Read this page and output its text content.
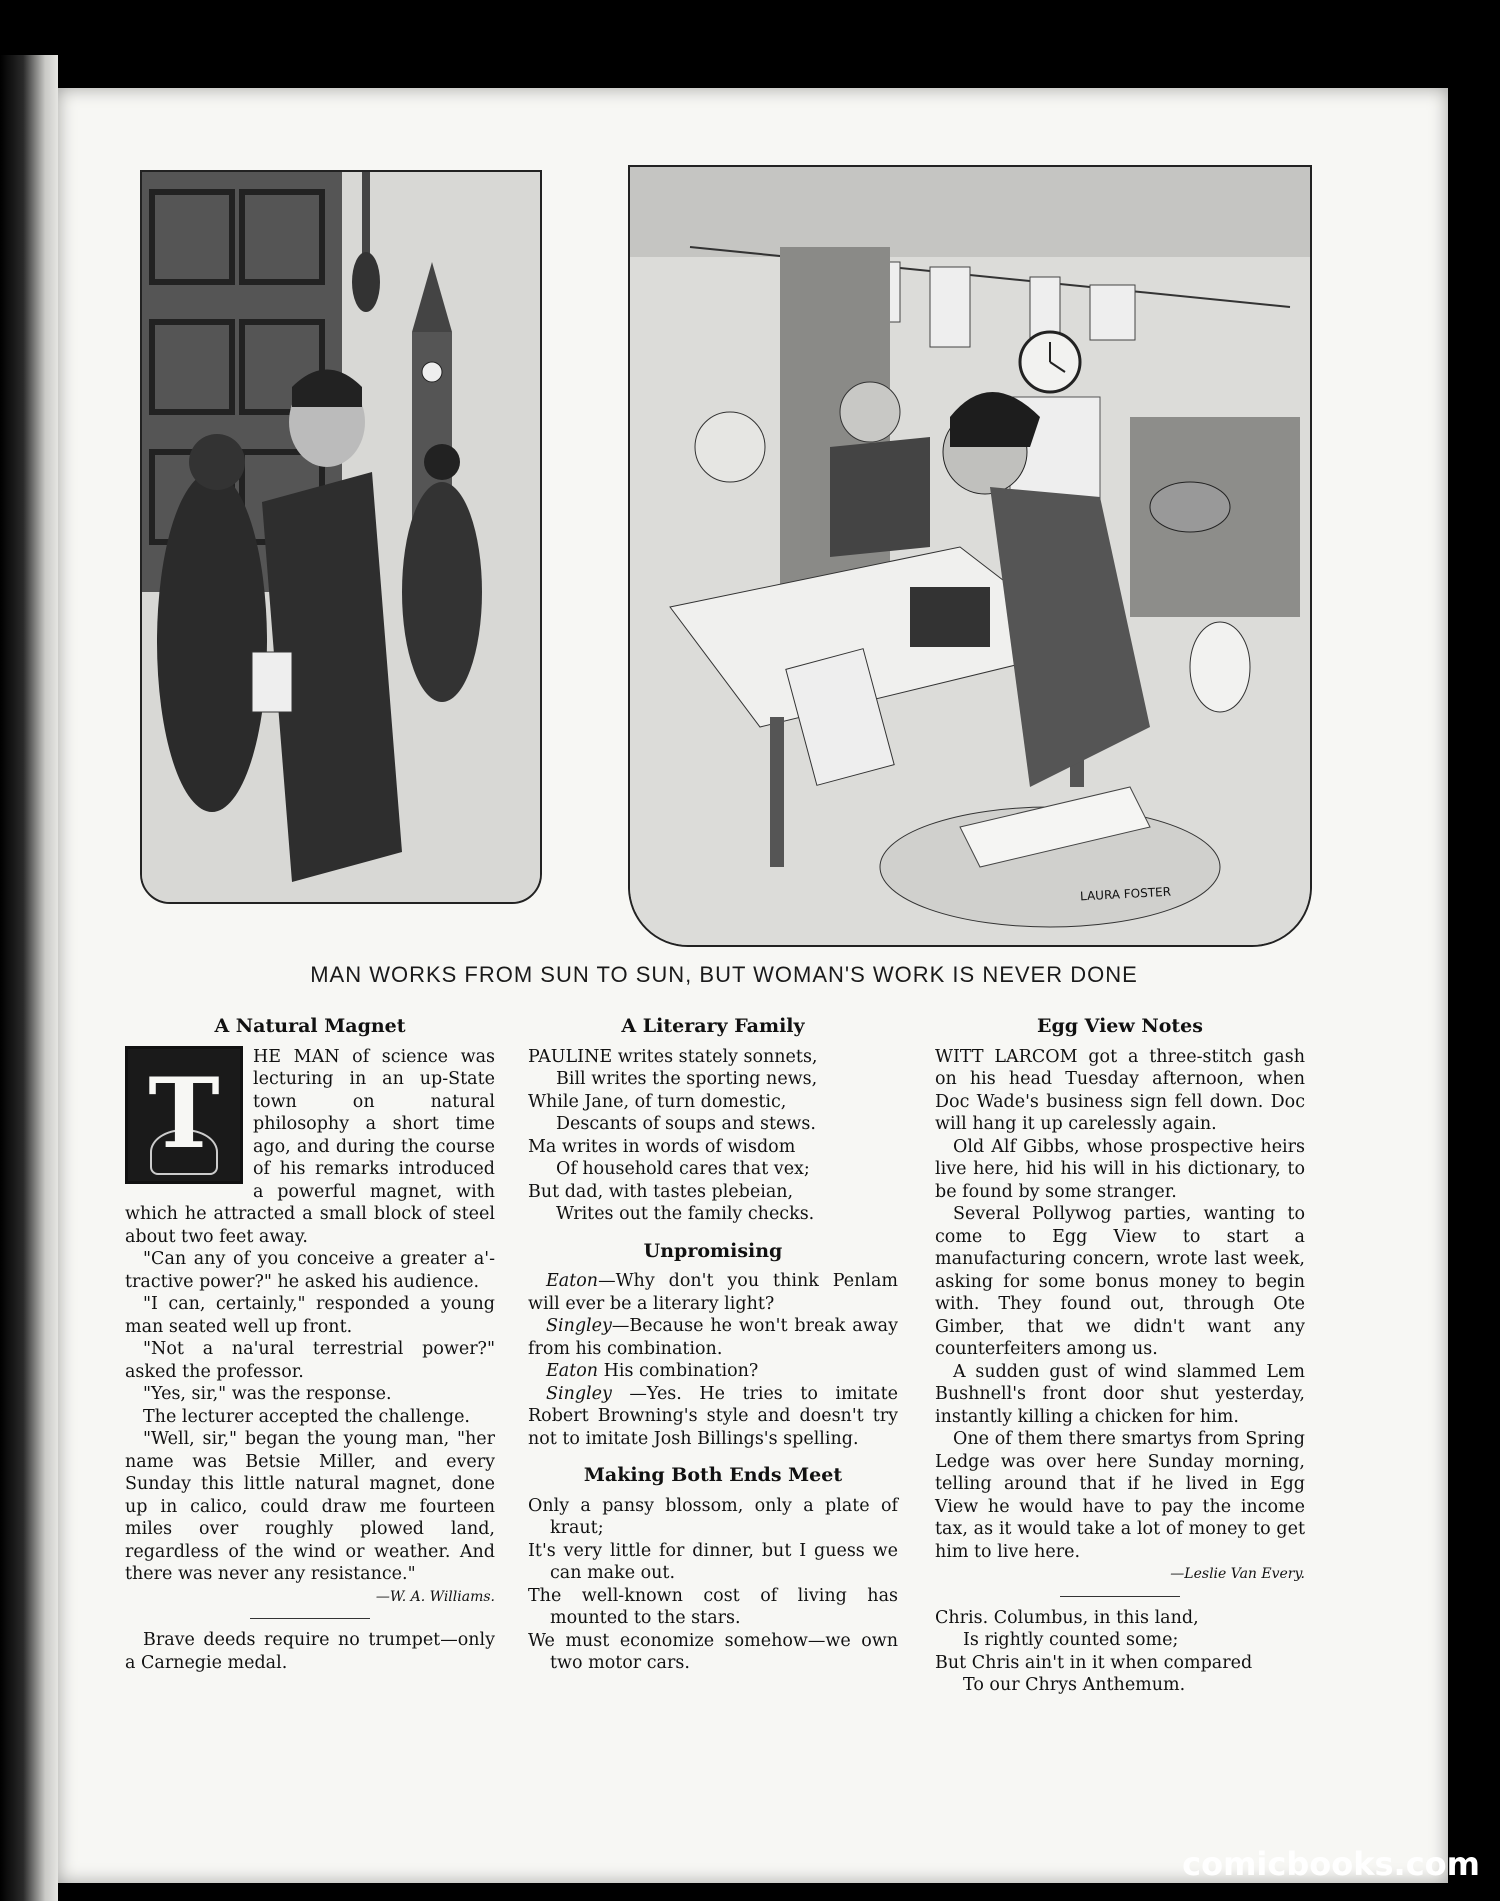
LAURA FOSTER
MAN WORKS FROM SUN TO SUN, BUT WOMAN'S WORK IS NEVER DONE
A Natural Magnet
T

HE MAN of science was lecturing in an up-State town on natural philosophy a short time ago, and during the course of his remarks introduced a powerful magnet, with which he attracted a small block of steel about two feet away.

"Can any of you conceive a greater a'-tractive power?" he asked his audience.

"I can, certainly," responded a young man seated well up front.

"Not a na'ural terrestrial power?" asked the professor.

"Yes, sir," was the response.

The lecturer accepted the challenge.

"Well, sir," began the young man, "her name was Betsie Miller, and every Sunday this little natural magnet, done up in calico, could draw me fourteen miles over roughly plowed land, regardless of the wind or weather. And there was never any resistance."

—W. A. Williams.

Brave deeds require no trumpet—only a Carnegie medal.

A Literary Family
PAULINE writes stately sonnets,
Bill writes the sporting news,
While Jane, of turn domestic,
Descants of soups and stews.
Ma writes in words of wisdom
Of household cares that vex;
But dad, with tastes plebeian,
Writes out the family checks.
Unpromising

Eaton—Why don't you think Penlam will ever be a literary light?

Singley—Because he won't break away from his combination.

Eaton His combination?

Singley —Yes. He tries to imitate Robert Browning's style and doesn't try not to imitate Josh Billings's spelling.

Making Both Ends Meet
Only a pansy blossom, only a plate of kraut;
It's very little for dinner, but I guess we can make out.
The well-known cost of living has mounted to the stars.
We must economize somehow—we own two motor cars.
Egg View Notes

WITT LARCOM got a three-stitch gash on his head Tuesday afternoon, when Doc Wade's business sign fell down. Doc will hang it up carelessly again.

Old Alf Gibbs, whose prospective heirs live here, hid his will in his dictionary, to be found by some stranger.

Several Pollywog parties, wanting to come to Egg View to start a manufacturing concern, wrote last week, asking for some bonus money to begin with. They found out, through Ote Gimber, that we didn't want any counterfeiters among us.

A sudden gust of wind slammed Lem Bushnell's front door shut yesterday, instantly killing a chicken for him.

One of them there smartys from Spring Ledge was over here Sunday morning, telling around that if he lived in Egg View he would have to pay the income tax, as it would take a lot of money to get him to live here.

—Leslie Van Every.
Chris. Columbus, in this land,
Is rightly counted some;
But Chris ain't in it when compared
To our Chrys Anthemum.
comicbooks.com
